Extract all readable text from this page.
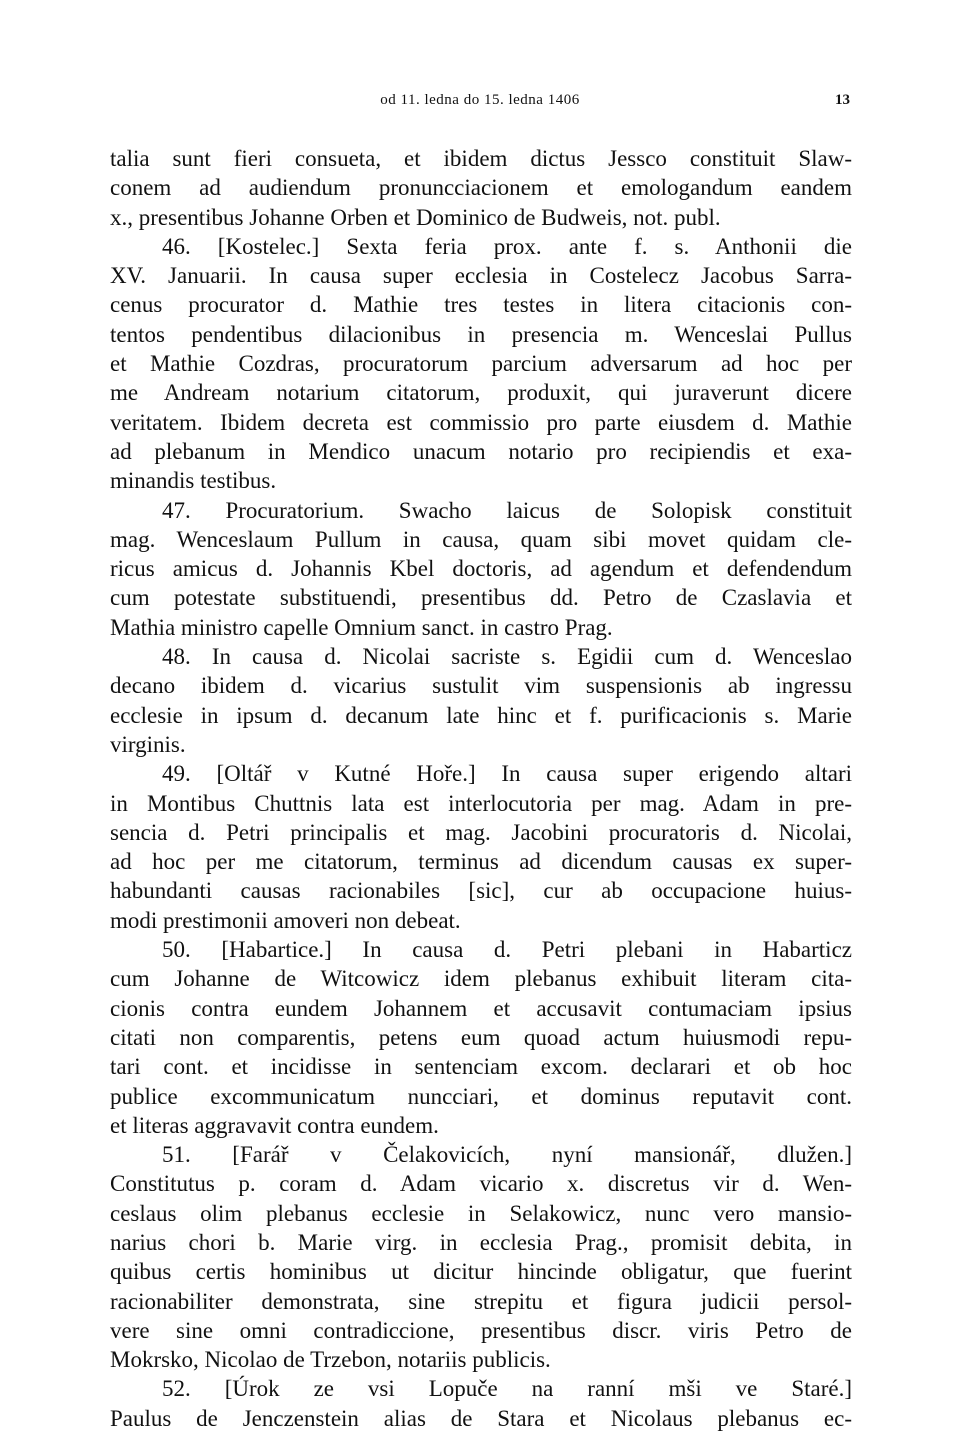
od 11. ledna do 15. ledna 1406	13
talia sunt fieri consueta, et ibidem dictus Jessco constituit Slaw-
conem ad audiendum pronuncciacionem et emologandum eandem
x., presentibus Johanne Orben et Dominico de Budweis, not. publ.
46. [Kostelec.] Sexta feria prox. ante f. s. Anthonii die
XV. Januarii. In causa super ecclesia in Costelecz Jacobus Sarra-
cenus procurator d. Mathie tres testes in litera citacionis con-
tentos pendentibus dilacionibus in presencia m. Wenceslai Pullus
et Mathie Cozdras, procuratorum parcium adversarum ad hoc per
me Andream notarium citatorum, produxit, qui juraverunt dicere
veritatem. Ibidem decreta est commissio pro parte eiusdem d. Mathie
ad plebanum in Mendico unacum notario pro recipiendis et exa-
minandis testibus.
47. Procuratorium. Swacho laicus de Solopisk constituit
mag. Wenceslaum Pullum in causa, quam sibi movet quidam cle-
ricus amicus d. Johannis Kbel doctoris, ad agendum et defendendum
cum potestate substituendi, presentibus dd. Petro de Czaslavia et
Mathia ministro capelle Omnium sanct. in castro Prag.
48. In causa d. Nicolai sacriste s. Egidii cum d. Wenceslao
decano ibidem d. vicarius sustulit vim suspensionis ab ingressu
ecclesie in ipsum d. decanum late hinc et f. purificacionis s. Marie
virginis.
49. [Oltář v Kutné Hoře.] In causa super erigendo altari
in Montibus Chuttnis lata est interlocutoria per mag. Adam in pre-
sencia d. Petri principalis et mag. Jacobini procuratoris d. Nicolai,
ad hoc per me citatorum, terminus ad dicendum causas ex super-
habundanti causas racionabiles [sic], cur ab occupacione huius-
modi prestimonii amoveri non debeat.
50. [Habartice.] In causa d. Petri plebani in Habarticz
cum Johanne de Witcowicz idem plebanus exhibuit literam cita-
cionis contra eundem Johannem et accusavit contumaciam ipsius
citati non comparentis, petens eum quoad actum huiusmodi repu-
tari cont. et incidisse in sentenciam excom. declarari et ob hoc
publice excommunicatum nuncciari, et dominus reputavit cont.
et literas aggravavit contra eundem.
51. [Farář v Čelakovicích, nyní mansionář, dlužen.]
Constitutus p. coram d. Adam vicario x. discretus vir d. Wen-
ceslaus olim plebanus ecclesie in Selakowicz, nunc vero mansio-
narius chori b. Marie virg. in ecclesia Prag., promisit debita, in
quibus certis hominibus ut dicitur hincinde obligatur, que fuerint
racionabiliter demonstrata, sine strepitu et figura judicii persol-
vere sine omni contradiccione, presentibus discr. viris Petro de
Mokrsko, Nicolao de Trzebon, notariis publicis.
52. [Úrok ze vsi Lopuče na ranní mši ve Staré.]
Paulus de Jenczenstein alias de Stara et Nicolaus plebanus ec-
